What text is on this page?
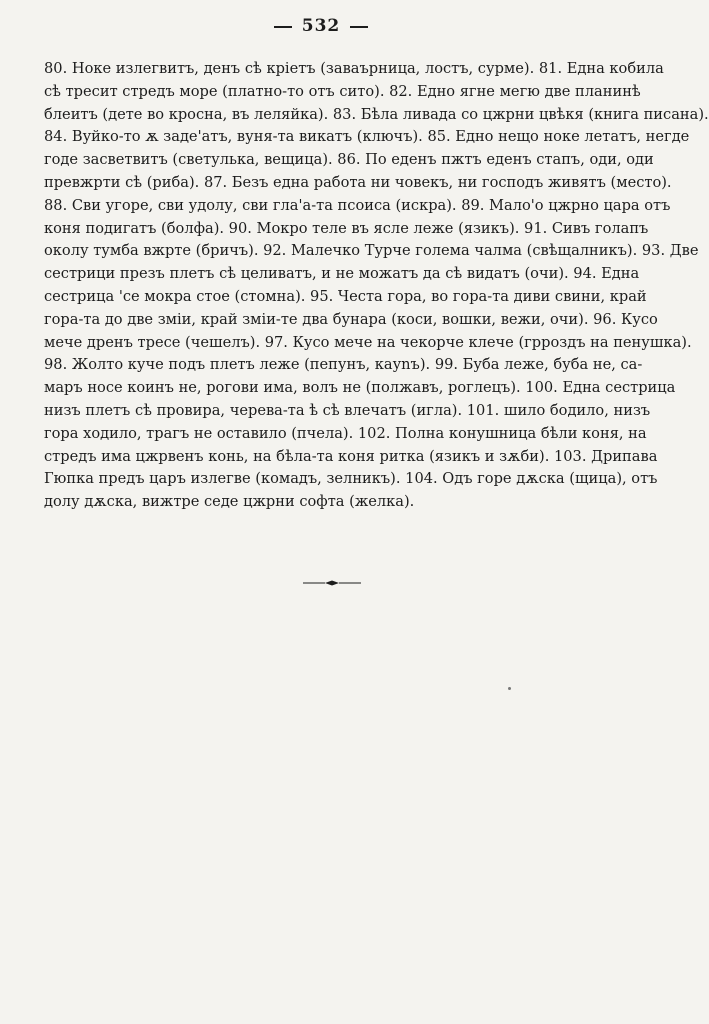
532
80. Ноке излегвитъ, денъ сѣ крieтъ (заваърница, лостъ, сурме). 81. Една кобила
сѣ тресит стредъ море (платно-то отъ сито). 82. Едно ягне мегю две планинѣ
блеитъ (дете во кросна, въ леляйка). 83. Бѣла ливада со цжрни цвѣкя (книга писана).
84. Вуйко-то ѫ заде'атъ, вуня-та викатъ (ключъ). 85. Едно нещо ноке летатъ, негде
годе засветвитъ (светулька, вещица). 86. По еденъ пжтъ еденъ стапъ, оди, оди
превжрти сѣ (риба). 87. Безъ една работа ни човекъ, ни господъ живятъ (место).
88. Сви угоре, сви удолу, сви гла'а-та псоиса (искра). 89. Мало'о цжрно цара отъ
коня подигатъ (болфа). 90. Мокро теле въ ясле леже (язикъ). 91. Сивъ голапъ
околу тумба вжрте (бричъ). 92. Малечко Турче голема чалма (свѣщалникъ). 93. Две
сестрици презъ плетъ сѣ целиватъ, и не можатъ да сѣ видатъ (очи). 94. Една
сестрица 'се мокра стое (стомна). 95. Честа гора, во гора-та диви свини, край
гора-та до две змiи, край змiи-те два бунара (коси, вошки, вежи, очи). 96. Кусо
мече дренъ тресе (чешелъ). 97. Кусо мече на чекорче клече (грроздъ на пенушка).
98. Жолто куче подъ плетъ леже (пепунъ, кауnъ). 99. Буба леже, буба не, са-
маръ носе коинъ не, рогови има, волъ не (полжавъ, роглецъ). 100. Една сестрица
низъ плетъ сѣ провира, черева-та ѣ сѣ влечатъ (игла). 101. шило бодило, низъ
гора ходило, трагъ не оставило (пчела). 102. Полна конушница бѣли коня, на
стредъ има цжрвенъ конь, на бѣла-та коня ритка (язикъ и зѫби). 103. Дрипава
Гюпка предъ царъ излегве (комадъ, зелникъ). 104. Одъ горе дѫска (щица), отъ
долу дѫска, вижтре седе цжрни софта (желка).
